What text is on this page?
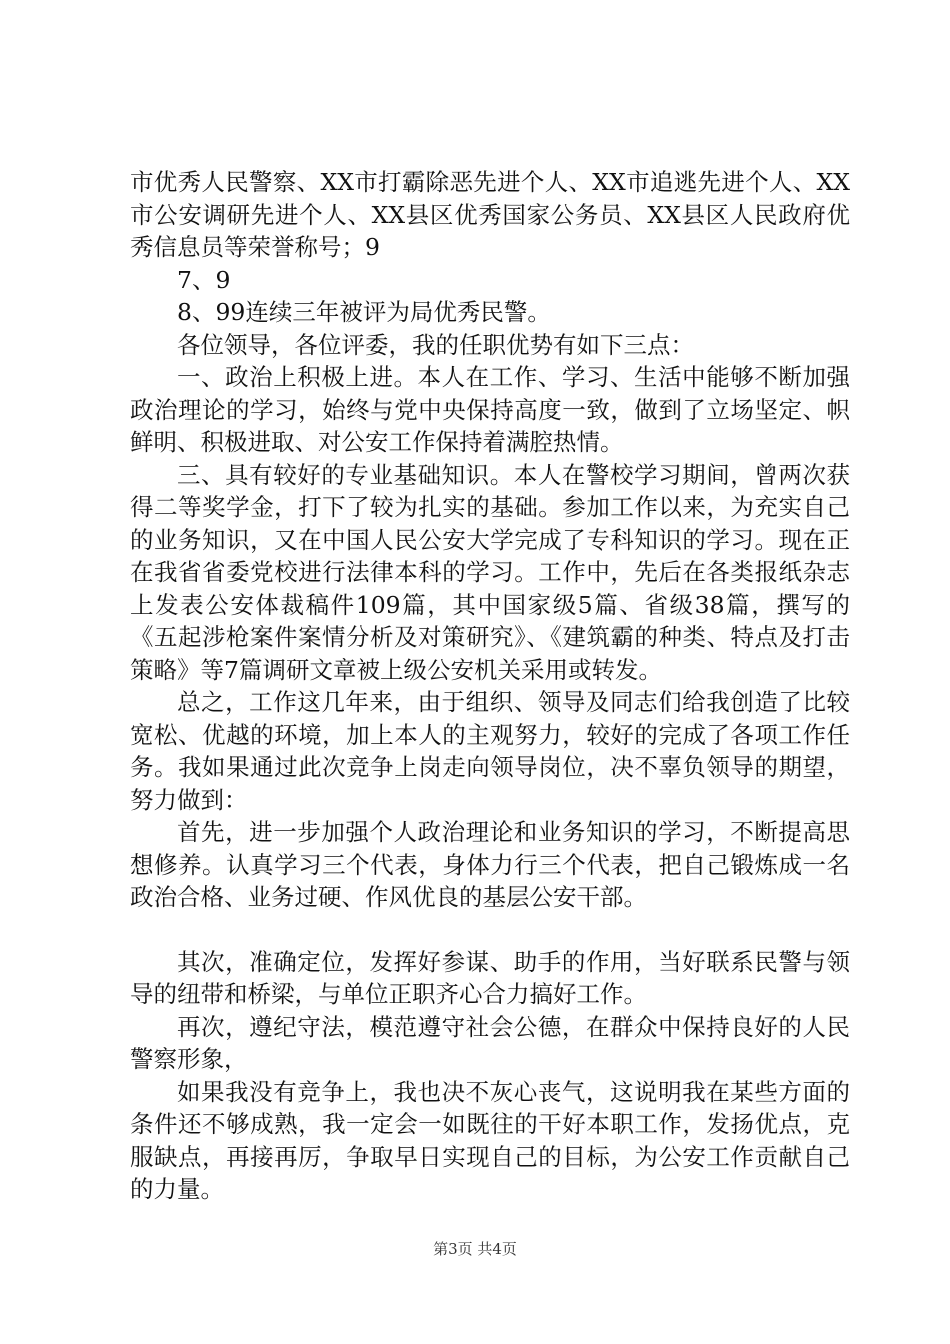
市优秀人民警察、XX市打霸除恶先进个人、XX市追逃先进个人、XX市公安调研先进个人、XX县区优秀国家公务员、XX县区人民政府优秀信息员等荣誉称号；9

7、9

8、99连续三年被评为局优秀民警。

各位领导，各位评委，我的任职优势有如下三点：

一、政治上积极上进。本人在工作、学习、生活中能够不断加强政治理论的学习，始终与党中央保持高度一致，做到了立场坚定、帜鲜明、积极进取、对公安工作保持着满腔热情。

三、具有较好的专业基础知识。本人在警校学习期间，曾两次获得二等奖学金，打下了较为扎实的基础。参加工作以来，为充实自己的业务知识，又在中国人民公安大学完成了专科知识的学习。现在正在我省省委党校进行法律本科的学习。工作中，先后在各类报纸杂志上发表公安体裁稿件109篇，其中国家级5篇、省级38篇，撰写的《五起涉枪案件案情分析及对策研究》、《建筑霸的种类、特点及打击策略》等7篇调研文章被上级公安机关采用或转发。

总之，工作这几年来，由于组织、领导及同志们给我创造了比较宽松、优越的环境，加上本人的主观努力，较好的完成了各项工作任务。我如果通过此次竞争上岗走向领导岗位，决不辜负领导的期望，努力做到：

首先，进一步加强个人政治理论和业务知识的学习，不断提高思想修养。认真学习三个代表，身体力行三个代表，把自己锻炼成一名政治合格、业务过硬、作风优良的基层公安干部。

其次，准确定位，发挥好参谋、助手的作用，当好联系民警与领导的纽带和桥梁，与单位正职齐心合力搞好工作。

再次，遵纪守法，模范遵守社会公德，在群众中保持良好的人民警察形象，

如果我没有竞争上，我也决不灰心丧气，这说明我在某些方面的条件还不够成熟，我一定会一如既往的干好本职工作，发扬优点，克服缺点，再接再厉，争取早日实现自己的目标，为公安工作贡献自己的力量。

第3页 共4页
